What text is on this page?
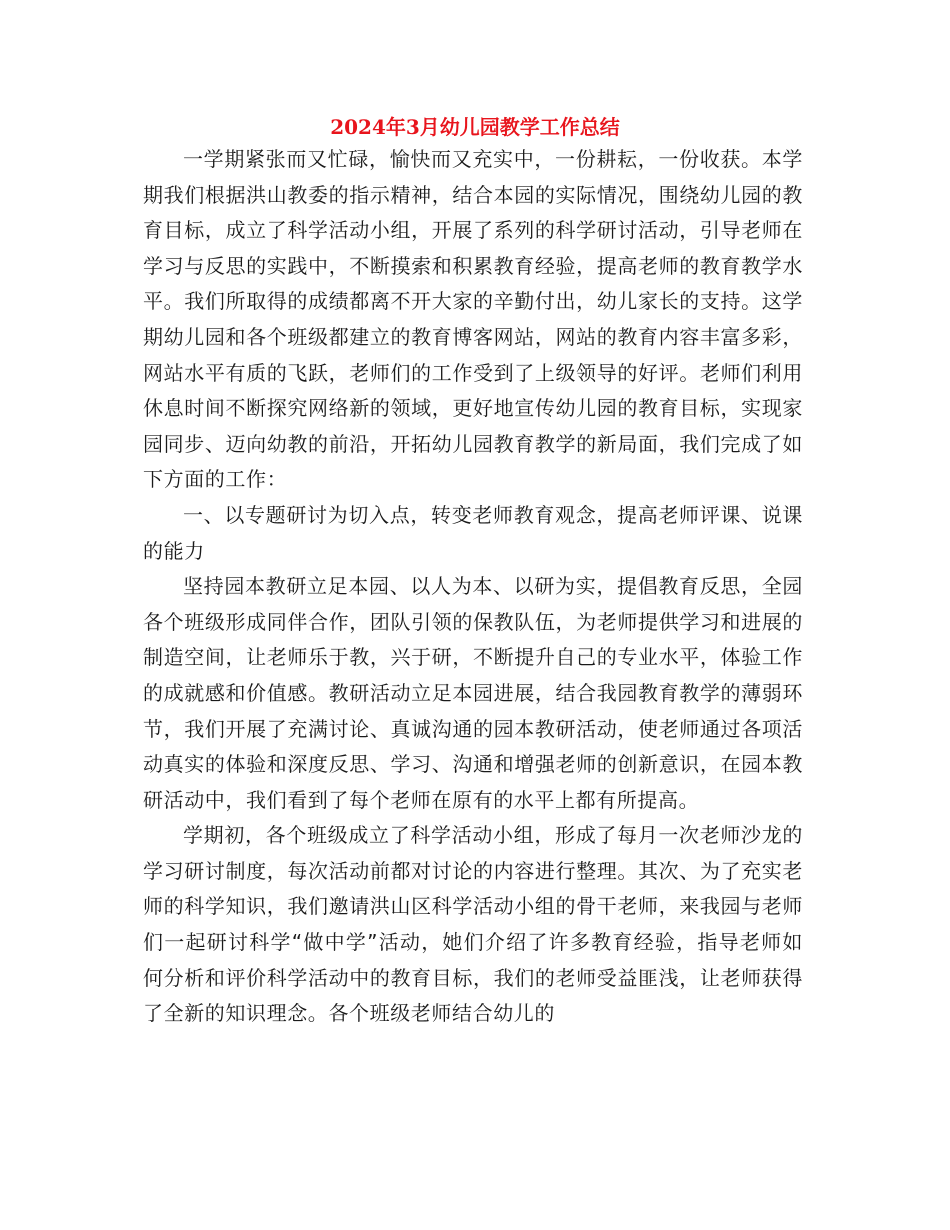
2024年3月幼儿园教学工作总结

一学期紧张而又忙碌，愉快而又充实中，一份耕耘，一份收获。本学期我们根据洪山教委的指示精神，结合本园的实际情况，围绕幼儿园的教育目标，成立了科学活动小组，开展了系列的科学研讨活动，引导老师在学习与反思的实践中，不断摸索和积累教育经验，提高老师的教育教学水平。我们所取得的成绩都离不开大家的辛勤付出，幼儿家长的支持。这学期幼儿园和各个班级都建立的教育博客网站，网站的教育内容丰富多彩，网站水平有质的飞跃，老师们的工作受到了上级领导的好评。老师们利用休息时间不断探究网络新的领域，更好地宣传幼儿园的教育目标，实现家园同步、迈向幼教的前沿，开拓幼儿园教育教学的新局面，我们完成了如下方面的工作：

一、以专题研讨为切入点，转变老师教育观念，提高老师评课、说课的能力

坚持园本教研立足本园、以人为本、以研为实，提倡教育反思，全园各个班级形成同伴合作，团队引领的保教队伍，为老师提供学习和进展的制造空间，让老师乐于教，兴于研，不断提升自己的专业水平，体验工作的成就感和价值感。教研活动立足本园进展，结合我园教育教学的薄弱环节，我们开展了充满讨论、真诚沟通的园本教研活动，使老师通过各项活动真实的体验和深度反思、学习、沟通和增强老师的创新意识，在园本教研活动中，我们看到了每个老师在原有的水平上都有所提高。

学期初，各个班级成立了科学活动小组，形成了每月一次老师沙龙的学习研讨制度，每次活动前都对讨论的内容进行整理。其次、为了充实老师的科学知识，我们邀请洪山区科学活动小组的骨干老师，来我园与老师们一起研讨科学“做中学”活动，她们介绍了许多教育经验，指导老师如何分析和评价科学活动中的教育目标，我们的老师受益匪浅，让老师获得了全新的知识理念。各个班级老师结合幼儿的
